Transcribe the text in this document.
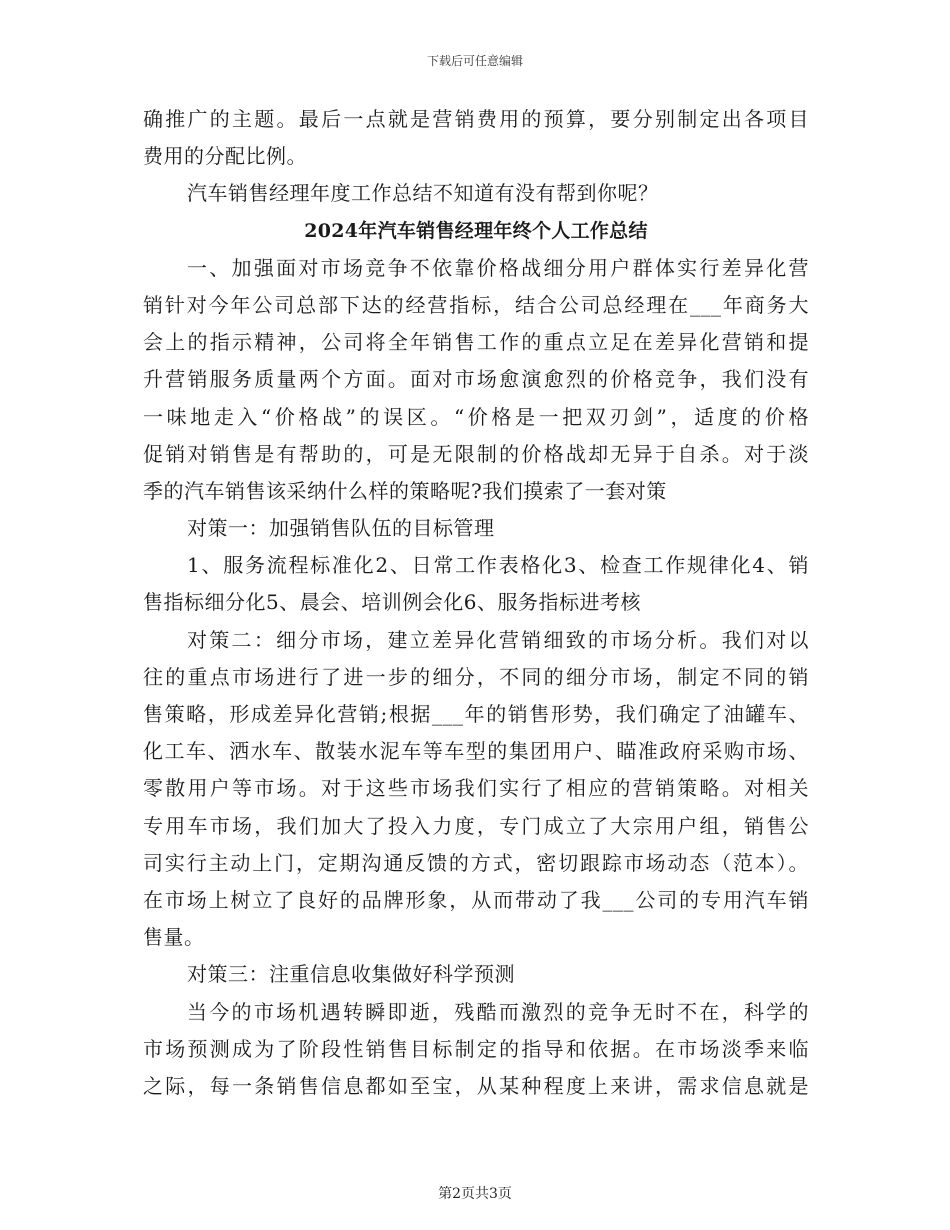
下载后可任意编辑
确推广的主题。最后一点就是营销费用的预算，要分别制定出各项目
费用的分配比例。
汽车销售经理年度工作总结不知道有没有帮到你呢？
2024年汽车销售经理年终个人工作总结
一、加强面对市场竞争不依靠价格战细分用户群体实行差异化营
销针对今年公司总部下达的经营指标，结合公司总经理在___年商务大
会上的指示精神，公司将全年销售工作的重点立足在差异化营销和提
升营销服务质量两个方面。面对市场愈演愈烈的价格竞争，我们没有
一味地走入“价格战”的误区。“价格是一把双刃剑”，适度的价格
促销对销售是有帮助的，可是无限制的价格战却无异于自杀。对于淡
季的汽车销售该采纳什么样的策略呢?我们摸索了一套对策
对策一：加强销售队伍的目标管理
1、服务流程标准化2、日常工作表格化3、检查工作规律化4、销
售指标细分化5、晨会、培训例会化6、服务指标进考核
对策二：细分市场，建立差异化营销细致的市场分析。我们对以
往的重点市场进行了进一步的细分，不同的细分市场，制定不同的销
售策略，形成差异化营销;根据___年的销售形势，我们确定了油罐车、
化工车、洒水车、散装水泥车等车型的集团用户、瞄准政府采购市场、
零散用户等市场。对于这些市场我们实行了相应的营销策略。对相关
专用车市场，我们加大了投入力度，专门成立了大宗用户组，销售公
司实行主动上门，定期沟通反馈的方式，密切跟踪市场动态（范本）。
在市场上树立了良好的品牌形象，从而带动了我___公司的专用汽车销
售量。
对策三：注重信息收集做好科学预测
当今的市场机遇转瞬即逝，残酷而激烈的竞争无时不在，科学的
市场预测成为了阶段性销售目标制定的指导和依据。在市场淡季来临
之际，每一条销售信息都如至宝，从某种程度上来讲，需求信息就是
第2页共3页
